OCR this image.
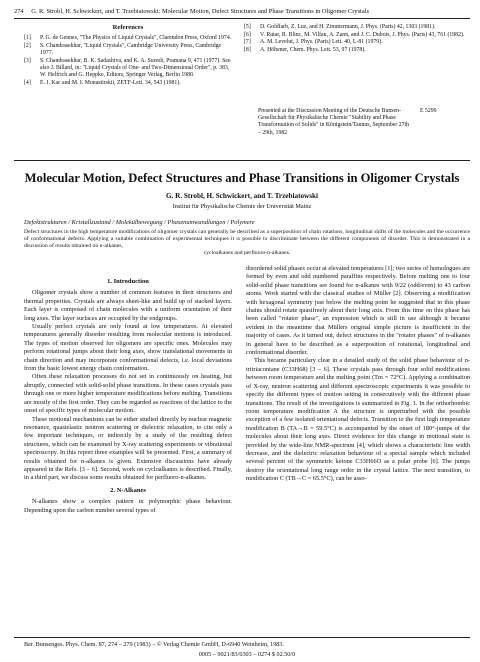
274 G. R. Strobl, H. Schwickert, and T. Trzebiatowski: Molecular Motion, Defect Structures and Phase Transitions in Oligomer Crystals
References
[1]	P. G. de Gennes, "The Physics of Liquid Crystals", Clarendon Press, Oxford 1974.
[2]	S. Chandrasekhar, "Liquid Crystals", Cambridge University Press, Cambridge 1977.
[3]	S. Chandrasekhar, B. K. Sadashiva, and K. A. Suresh, Pramana 9, 471 (1977). See also J. Billard, in: "Liquid Crystals of One- and Two-Dimensional Order", p. 383, W. Helfrich and G. Heppke, Editors, Springer Verlag, Berlin 1980.
[4]	E. I. Kac and M. I. Monastirskii, ZETF-Lett. 34, 543 (1981).
[5]	D. Goldfarb, Z. Luz, and H. Zimmermann, J. Phys. (Paris) 42, 1303 (1981).
[6]	V. Rutar, R. Blinc, M. Vilfan, A. Zann, and J. C. Dubois, J. Phys. (Paris) 43, 761 (1982).
[7]	A. M. Levelut, J. Phys. (Paris) Lett. 40, L-81 (1979).
[8]	A. Höhener, Chem. Phys. Lett. 53, 97 (1978).
Presented at the Discussion Meeting of the Deutsche Bunsen-Gesellschaft für Physikalische Chemie "Stability and Phase Transformation of Solids" in Königstein/Taunus, September 27th – 29th, 1982
E 5299
Molecular Motion, Defect Structures and Phase Transitions in Oligomer Crystals
G. R. Strobl, H. Schwickert, and T. Trzebiatowski
Institut für Physikalische Chemie der Universität Mainz
Defektstrukturen / Kristallzustand / Molekülbewegung / Phasenumwandlungen / Polymere
Defect structures in the high temperature modifications of oligomer crystals can generally be described as a superposition of chain rotations, longitudinal shifts of the molecules and the occurrence of conformational defects. Applying a suitable combination of experimental techniques it is possible to discriminate between the different components of disorder. This is demonstrated in a discussion of results obtained on n-alkanes,
cycloalkanes and perfluoro-n-alkanes.
1. Introduction

Oligomer crystals show a number of common features in their structures and thermal properties. Crystals are always sheet-like and build up of stacked layers. Each layer is composed of chain molecules with a uniform orientation of their long axes. The layer surfaces are occupied by the endgroups.

Usually perfect crystals are only found at low temperatures. At elevated temperatures generally disorder resulting from molecular motions is introduced. The types of motion observed for oligomers are specific ones. Molecules may perform rotational jumps about their long axes, show translational movements in chain direction and may incorporate conformational defects, i.e. local deviations from the basic lowest energy chain conformation.

Often these relaxation processes do not set in continuously on heating, but abruptly, connected with solid-solid phase transitions. In these cases crystals pass through one or more higher temperature modifications before melting. Transitions are mostly of the first order. They can be regarded as reactions of the lattice to the onset of specific types of molecular motion.

These motional mechanisms can be either studied directly by nuclear magnetic resonance, quasielastic neutron scattering or dielectric relaxation, to cite only a few important techniques, or indirectly by a study of the resulting defect structures, which can be examined by X-ray scattering experiments or vibrational spectroscopy. In this report three examples will be presented. First, a summary of results obtained for n-alkanes is given. Extensive discussions have already appeared in the Refs. [3 – 6]. Second, work on cycloalkanes is described. Finally, in a third part, we discuss some results obtained for perfluoro-n-alkanes.

2. N-Alkanes

N-alkanes show a complex pattern in polymorphic phase behaviour. Depending upon the carbon number several types of

disordered solid phases occur at elevated temperatures [1]; two series of homologues are formed by even and odd numbered paraffins respectively. Before melting one to four solid-solid phase transitions are found for n-alkanes with 9/22 (odd/even) to 43 carbon atoms. Work started with the classical studies of Müller [2]. Observing a modification with hexagonal symmetry just below the melting point he suggested that in this phase chains should rotate quasifreely about their long axis. From this time on this phase has been called "rotator phase", an expression which is still in use although it became evident in the meantime that Müllers original simple picture is insufficient in the majority of cases. As it turned out, defect structures in the "rotator phases" of n-alkanes in general have to be described as a superposition of rotational, longitudinal and conformational disorder.

This became particulary clear in a detailed study of the solid phase behaviour of n-tritriacontane (C33H68) [3 – 6]. These crystals pass through four solid modifications between room temperature and the melting point (Tm = 72°C). Applying a combination of X-ray, neutron scattering and different spectroscopic experiments it was possible to specify the different types of motion setting in consecutively with the different phase transitions. The result of the investigations is summarized in Fig. 1. In the orthorhombic room temperature modification A the structure is unperturbed with the possible exception of a few isolated orientational defects. Transition to the first high temperature modification B (TA→B = 59.5°C) is accompanied by the onset of 180°-jumps of the molecules about their long axes. Direct evidence for this change in motional state is provided by the wide-line NMR-spectrum [4], which shows a characteristic line width decrease, and the dielectric relaxation behaviour of a special sample which included several percent of the symmetric ketone C33H66O as a polar probe [6]. The jumps destroy the orientational long range order in the crystal lattice. The next transition, to modification C (TB→C = 65.5°C), can be asso-

Ber. Bunsenges. Phys. Chem. 87, 274 – 279 (1983) – © Verlag Chemie GmbH, D-6940 Weinheim, 1983.
0005 – 9021/83/0303 – 0274 $ 02.50/0
